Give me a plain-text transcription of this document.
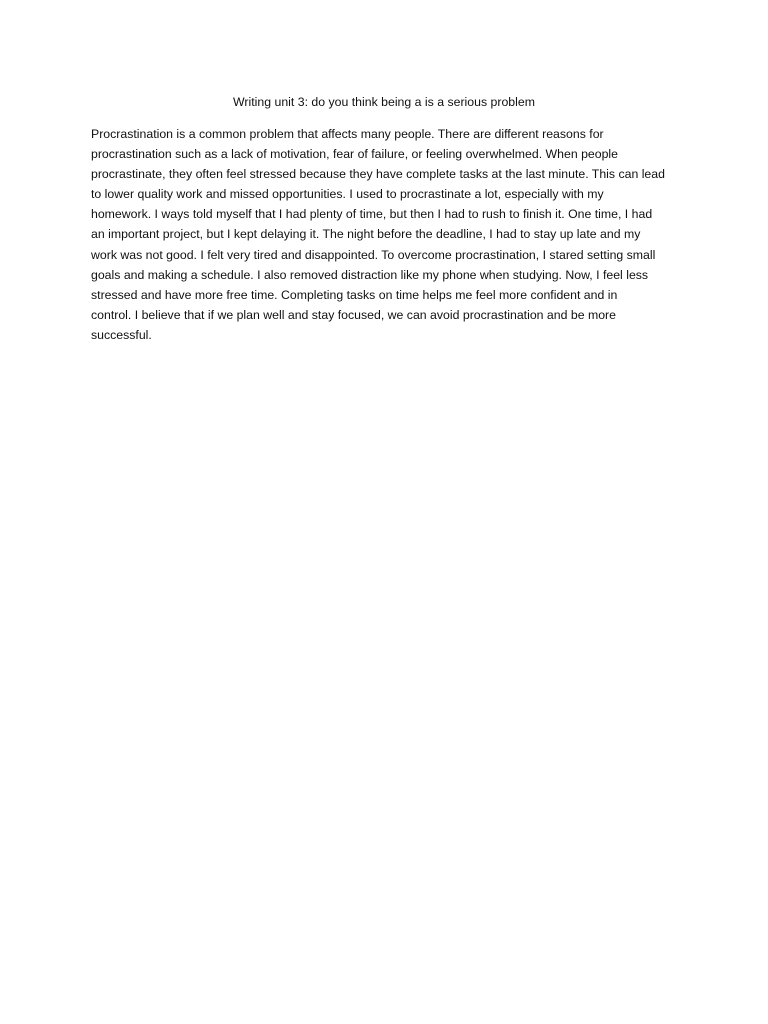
Writing unit 3: do you think being a is a serious problem

Procrastination is a common problem that affects many people. There are different reasons for
procrastination such as a lack of motivation, fear of failure, or feeling overwhelmed. When people
procrastinate, they often feel stressed because they have complete tasks at the last minute. This can lead
to lower quality work and missed opportunities. I used to procrastinate a lot, especially with my
homework. I ways told myself that I had plenty of time, but then I had to rush to finish it. One time, I had
an important project, but I kept delaying it. The night before the deadline, I had to stay up late and my
work was not good. I felt very tired and disappointed. To overcome procrastination, I stared setting small
goals and making a schedule. I also removed distraction like my phone when studying. Now, I feel less
stressed and have more free time. Completing tasks on time helps me feel more confident and in
control. I believe that if we plan well and stay focused, we can avoid procrastination and be more
successful.
